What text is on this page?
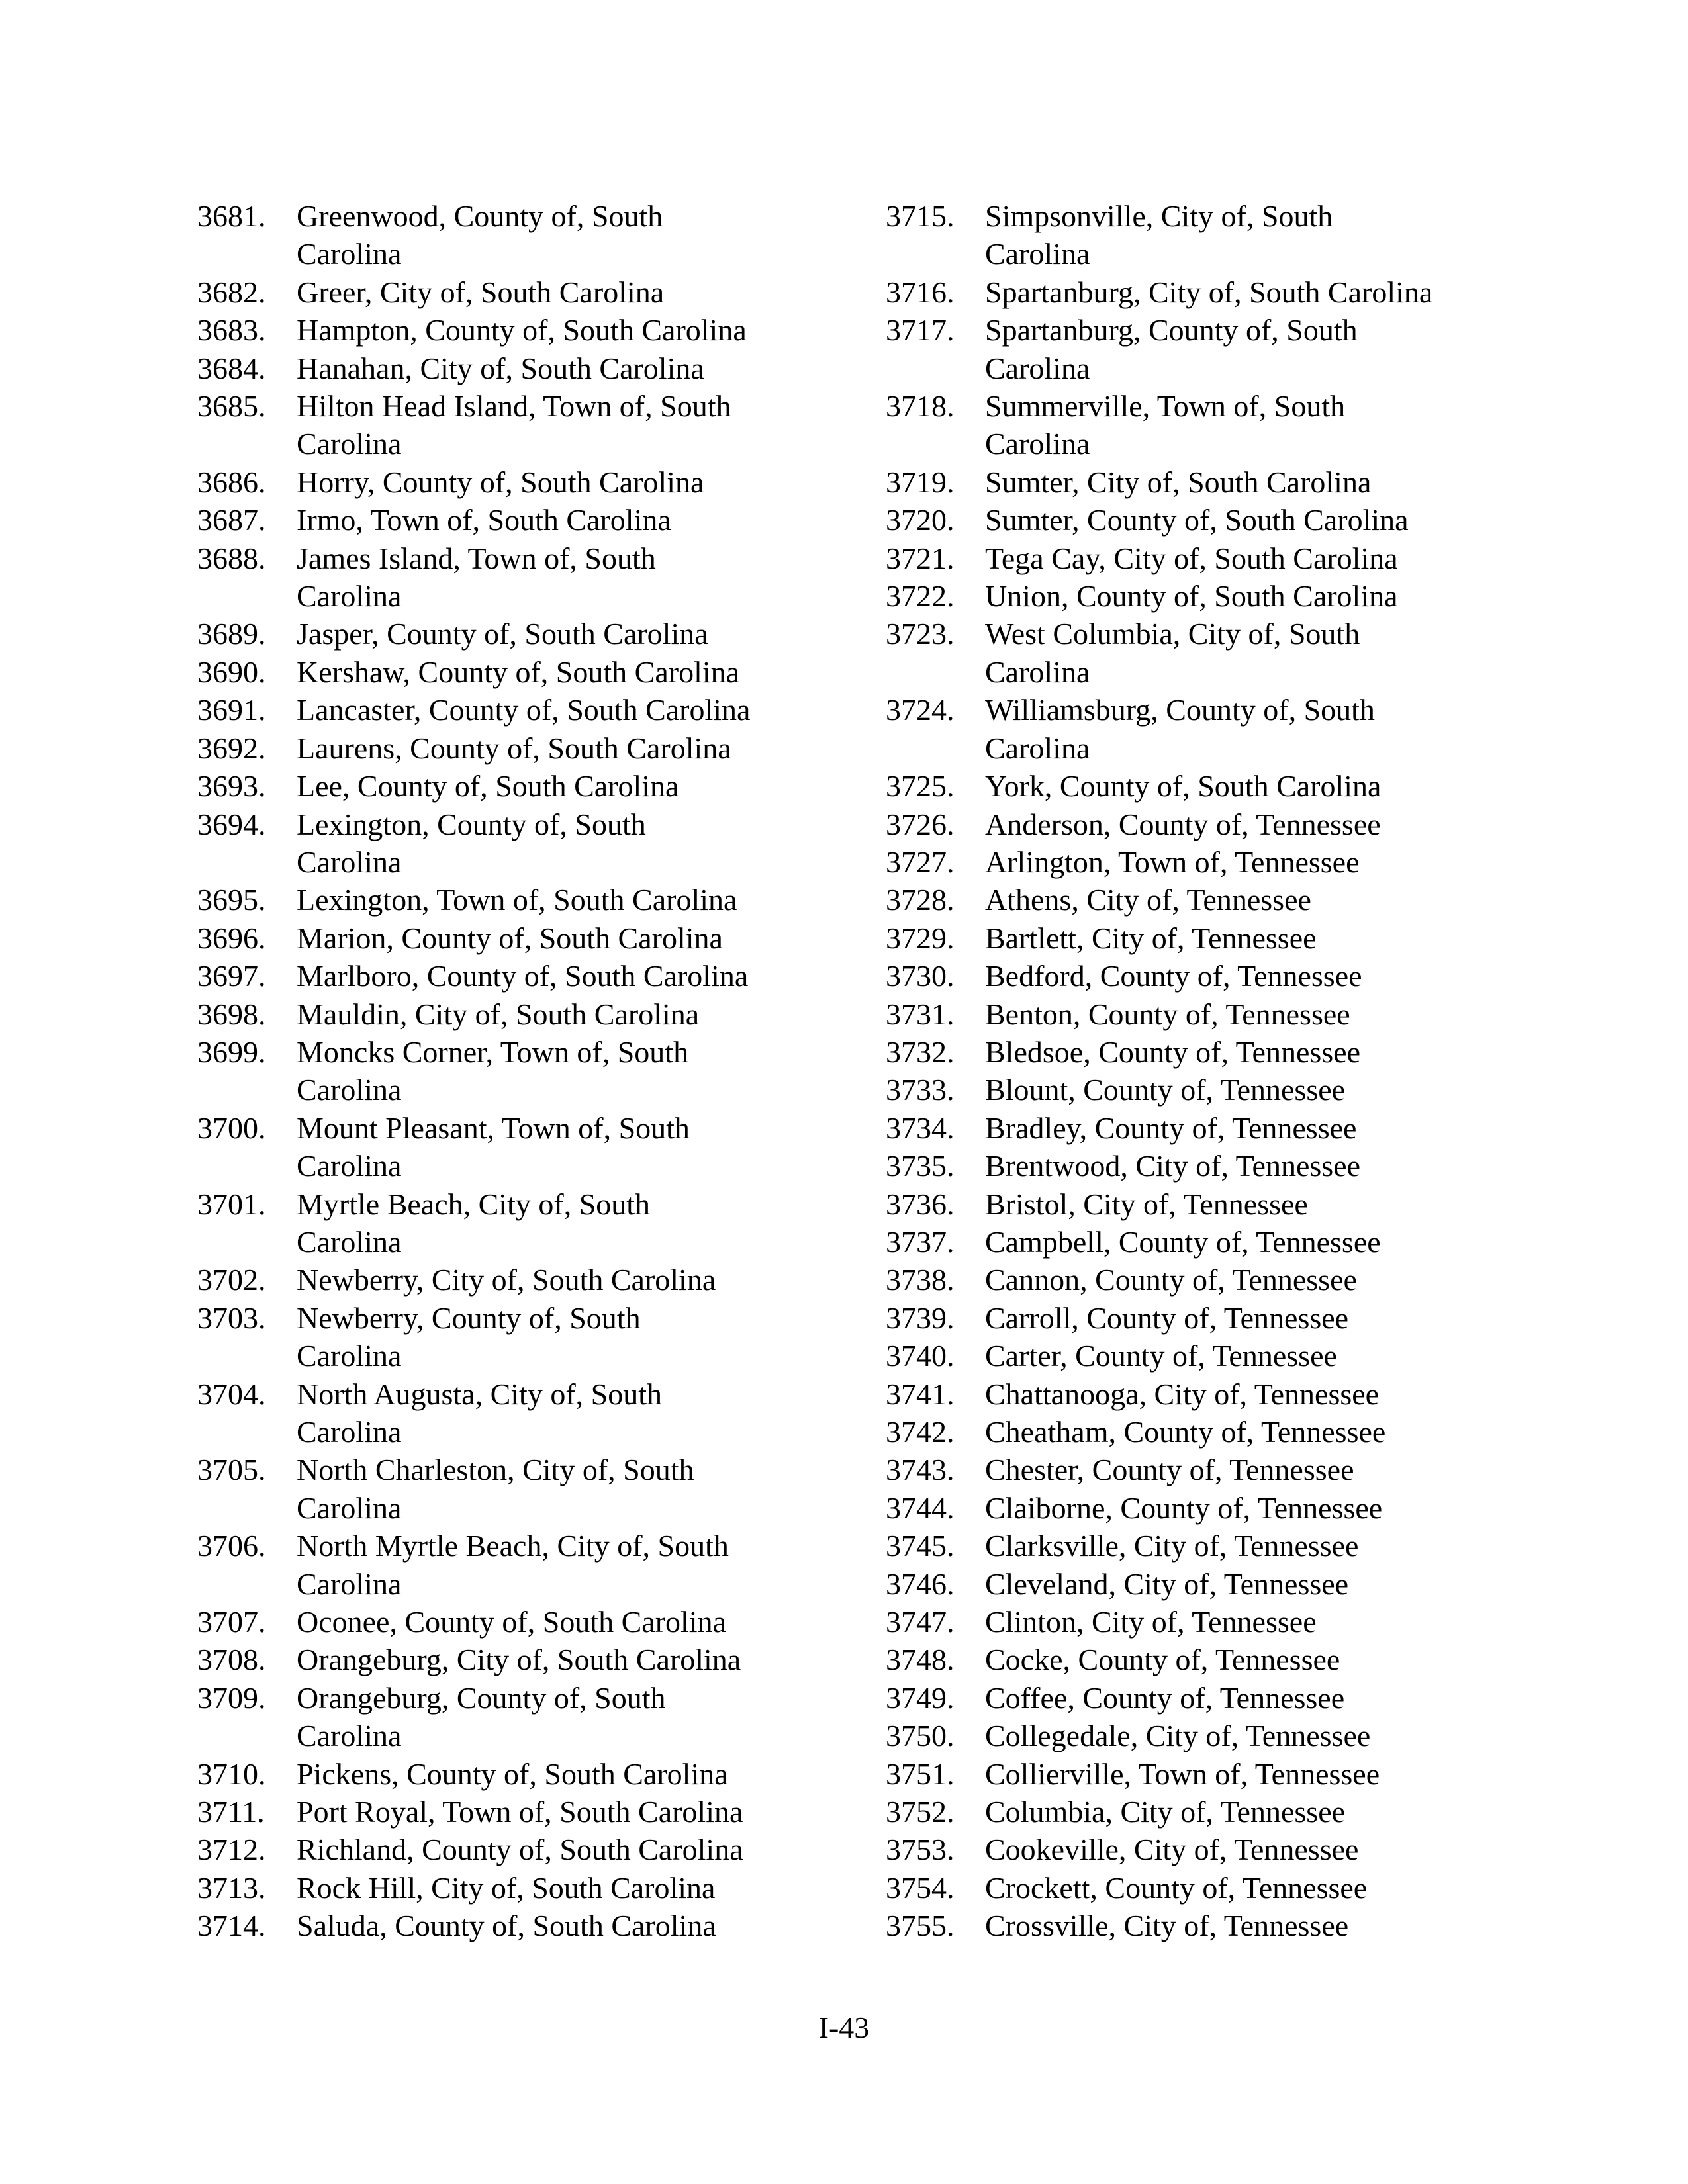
3681.	Greenwood, County of, South
Carolina
3682.	Greer, City of, South Carolina
3683.	Hampton, County of, South Carolina
3684.	Hanahan, City of, South Carolina
3685.	Hilton Head Island, Town of, South
Carolina
3686.	Horry, County of, South Carolina
3687.	Irmo, Town of, South Carolina
3688.	James Island, Town of, South
Carolina
3689.	Jasper, County of, South Carolina
3690.	Kershaw, County of, South Carolina
3691.	Lancaster, County of, South Carolina
3692.	Laurens, County of, South Carolina
3693.	Lee, County of, South Carolina
3694.	Lexington, County of, South
Carolina
3695.	Lexington, Town of, South Carolina
3696.	Marion, County of, South Carolina
3697.	Marlboro, County of, South Carolina
3698.	Mauldin, City of, South Carolina
3699.	Moncks Corner, Town of, South
Carolina
3700.	Mount Pleasant, Town of, South
Carolina
3701.	Myrtle Beach, City of, South
Carolina
3702.	Newberry, City of, South Carolina
3703.	Newberry, County of, South
Carolina
3704.	North Augusta, City of, South
Carolina
3705.	North Charleston, City of, South
Carolina
3706.	North Myrtle Beach, City of, South
Carolina
3707.	Oconee, County of, South Carolina
3708.	Orangeburg, City of, South Carolina
3709.	Orangeburg, County of, South
Carolina
3710.	Pickens, County of, South Carolina
3711.	Port Royal, Town of, South Carolina
3712.	Richland, County of, South Carolina
3713.	Rock Hill, City of, South Carolina
3714.	Saluda, County of, South Carolina
3715.	Simpsonville, City of, South
Carolina
3716.	Spartanburg, City of, South Carolina
3717.	Spartanburg, County of, South
Carolina
3718.	Summerville, Town of, South
Carolina
3719.	Sumter, City of, South Carolina
3720.	Sumter, County of, South Carolina
3721.	Tega Cay, City of, South Carolina
3722.	Union, County of, South Carolina
3723.	West Columbia, City of, South
Carolina
3724.	Williamsburg, County of, South
Carolina
3725.	York, County of, South Carolina
3726.	Anderson, County of, Tennessee
3727.	Arlington, Town of, Tennessee
3728.	Athens, City of, Tennessee
3729.	Bartlett, City of, Tennessee
3730.	Bedford, County of, Tennessee
3731.	Benton, County of, Tennessee
3732.	Bledsoe, County of, Tennessee
3733.	Blount, County of, Tennessee
3734.	Bradley, County of, Tennessee
3735.	Brentwood, City of, Tennessee
3736.	Bristol, City of, Tennessee
3737.	Campbell, County of, Tennessee
3738.	Cannon, County of, Tennessee
3739.	Carroll, County of, Tennessee
3740.	Carter, County of, Tennessee
3741.	Chattanooga, City of, Tennessee
3742.	Cheatham, County of, Tennessee
3743.	Chester, County of, Tennessee
3744.	Claiborne, County of, Tennessee
3745.	Clarksville, City of, Tennessee
3746.	Cleveland, City of, Tennessee
3747.	Clinton, City of, Tennessee
3748.	Cocke, County of, Tennessee
3749.	Coffee, County of, Tennessee
3750.	Collegedale, City of, Tennessee
3751.	Collierville, Town of, Tennessee
3752.	Columbia, City of, Tennessee
3753.	Cookeville, City of, Tennessee
3754.	Crockett, County of, Tennessee
3755.	Crossville, City of, Tennessee
I-43
